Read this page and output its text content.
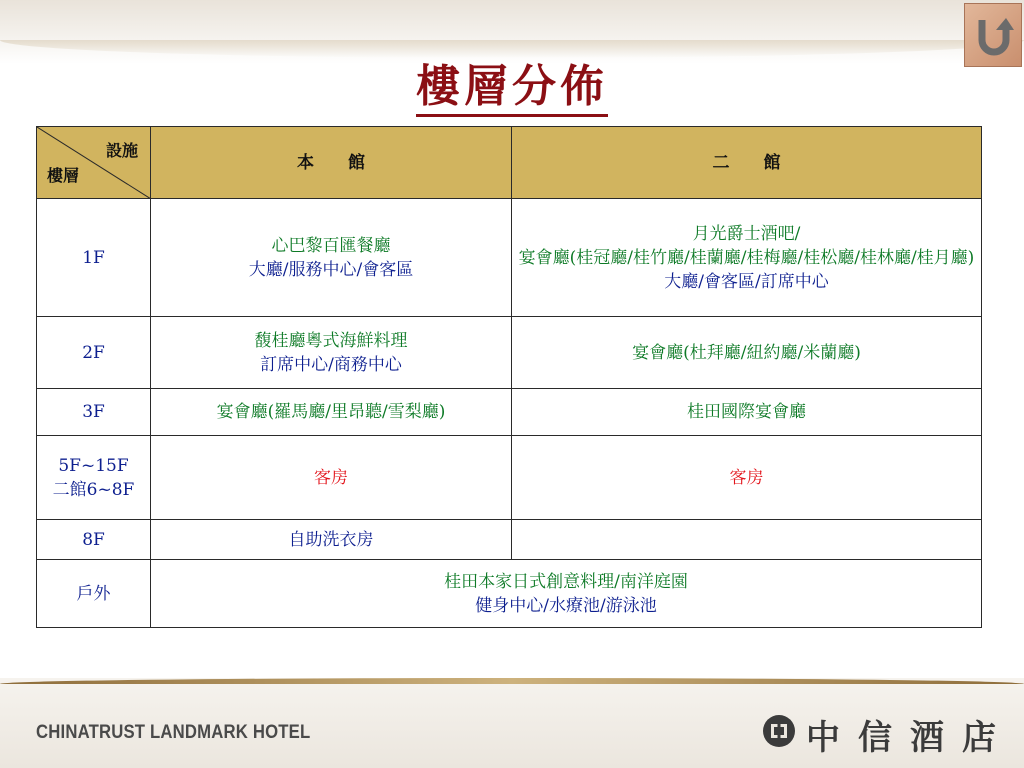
樓層分佈
設施
樓層	本　　館	二　　館
1F	心巴黎百匯餐廳
大廳/服務中心/會客區	月光爵士酒吧/
宴會廳(桂冠廳/桂竹廳/桂蘭廳/桂梅廳/桂松廳/桂林廳/桂月廳)
大廳/會客區/訂席中心

2F	馥桂廳粵式海鮮料理
訂席中心/商務中心	宴會廳(杜拜廳/紐約廳/米蘭廳)

3F	宴會廳(羅馬廳/里昂聽/雪梨廳)	桂田國際宴會廳

5F~15F
二館6~8F	客房	客房

8F	自助洗衣房	

戶外	桂田本家日式創意料理/南洋庭園
健身中心/水療池/游泳池	
CHINATRUST LANDMARK HOTEL	中信酒店
